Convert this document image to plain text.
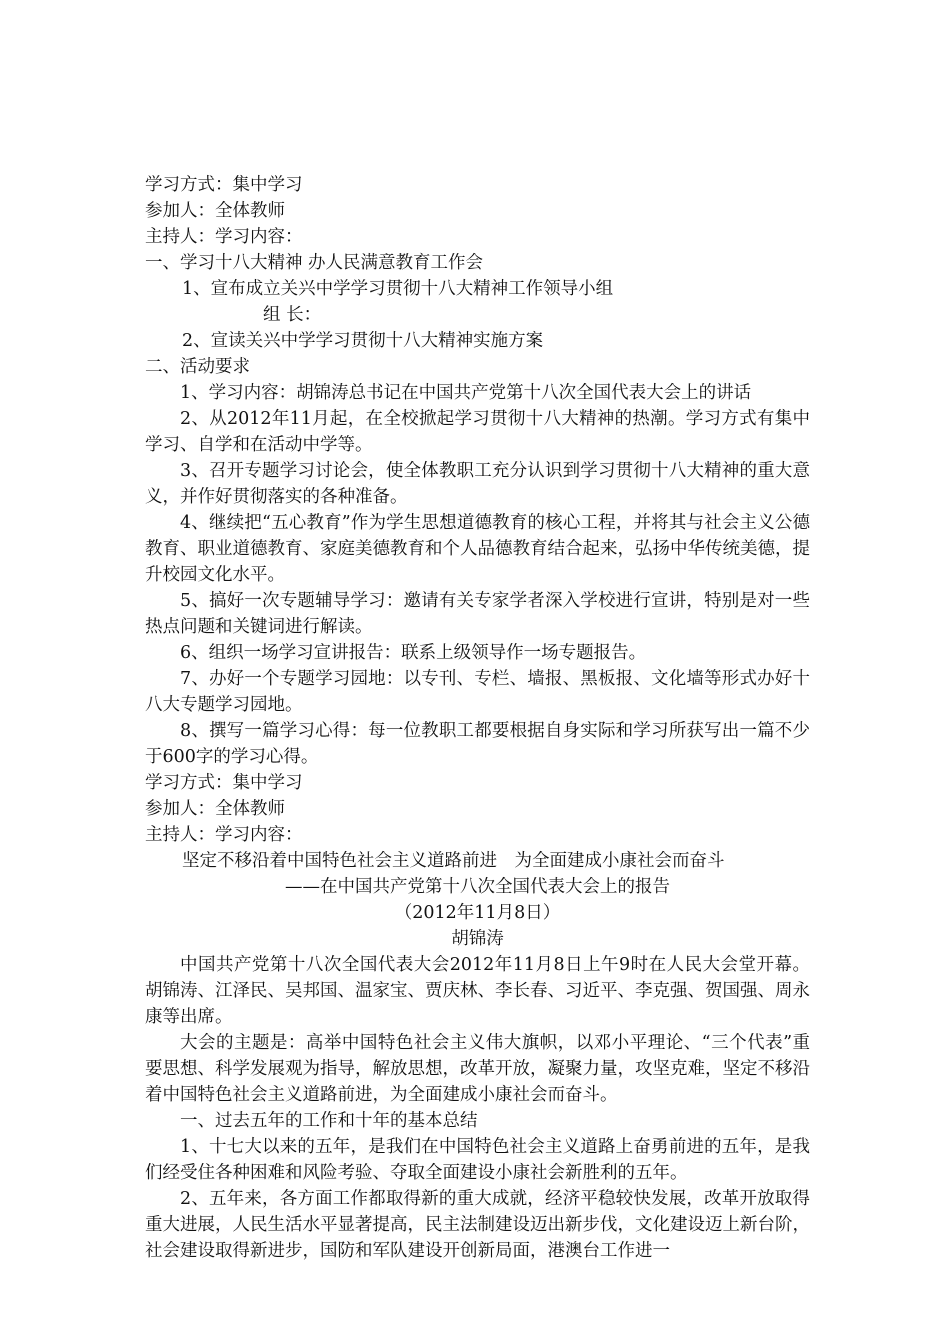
学习方式：集中学习
参加人：全体教师
主持人：学习内容：
一、学习十八大精神 办人民满意教育工作会
1、宣布成立关兴中学学习贯彻十八大精神工作领导小组
组 长：
2、宣读关兴中学学习贯彻十八大精神实施方案
二、活动要求

1、学习内容：胡锦涛总书记在中国共产党第十八次全国代表大会上的讲话

2、从2012年11月起，在全校掀起学习贯彻十八大精神的热潮。学习方式有集中学习、自学和在活动中学等。

3、召开专题学习讨论会，使全体教职工充分认识到学习贯彻十八大精神的重大意义，并作好贯彻落实的各种准备。

4、继续把“五心教育”作为学生思想道德教育的核心工程，并将其与社会主义公德教育、职业道德教育、家庭美德教育和个人品德教育结合起来，弘扬中华传统美德，提升校园文化水平。

5、搞好一次专题辅导学习：邀请有关专家学者深入学校进行宣讲，特别是对一些热点问题和关键词进行解读。

6、组织一场学习宣讲报告：联系上级领导作一场专题报告。

7、办好一个专题学习园地：以专刊、专栏、墙报、黑板报、文化墙等形式办好十八大专题学习园地。

8、撰写一篇学习心得：每一位教职工都要根据自身实际和学习所获写出一篇不少于600字的学习心得。

学习方式：集中学习
参加人：全体教师
主持人：学习内容：
坚定不移沿着中国特色社会主义道路前进　为全面建成小康社会而奋斗
——在中国共产党第十八次全国代表大会上的报告
（2012年11月8日）
胡锦涛

中国共产党第十八次全国代表大会2012年11月8日上午9时在人民大会堂开幕。胡锦涛、江泽民、吴邦国、温家宝、贾庆林、李长春、习近平、李克强、贺国强、周永康等出席。

大会的主题是：高举中国特色社会主义伟大旗帜，以邓小平理论、“三个代表”重要思想、科学发展观为指导，解放思想，改革开放，凝聚力量，攻坚克难，坚定不移沿着中国特色社会主义道路前进，为全面建成小康社会而奋斗。

一、过去五年的工作和十年的基本总结

1、十七大以来的五年，是我们在中国特色社会主义道路上奋勇前进的五年，是我们经受住各种困难和风险考验、夺取全面建设小康社会新胜利的五年。

2、五年来，各方面工作都取得新的重大成就，经济平稳较快发展，改革开放取得重大进展，人民生活水平显著提高，民主法制建设迈出新步伐，文化建设迈上新台阶，社会建设取得新进步，国防和军队建设开创新局面，港澳台工作进一
